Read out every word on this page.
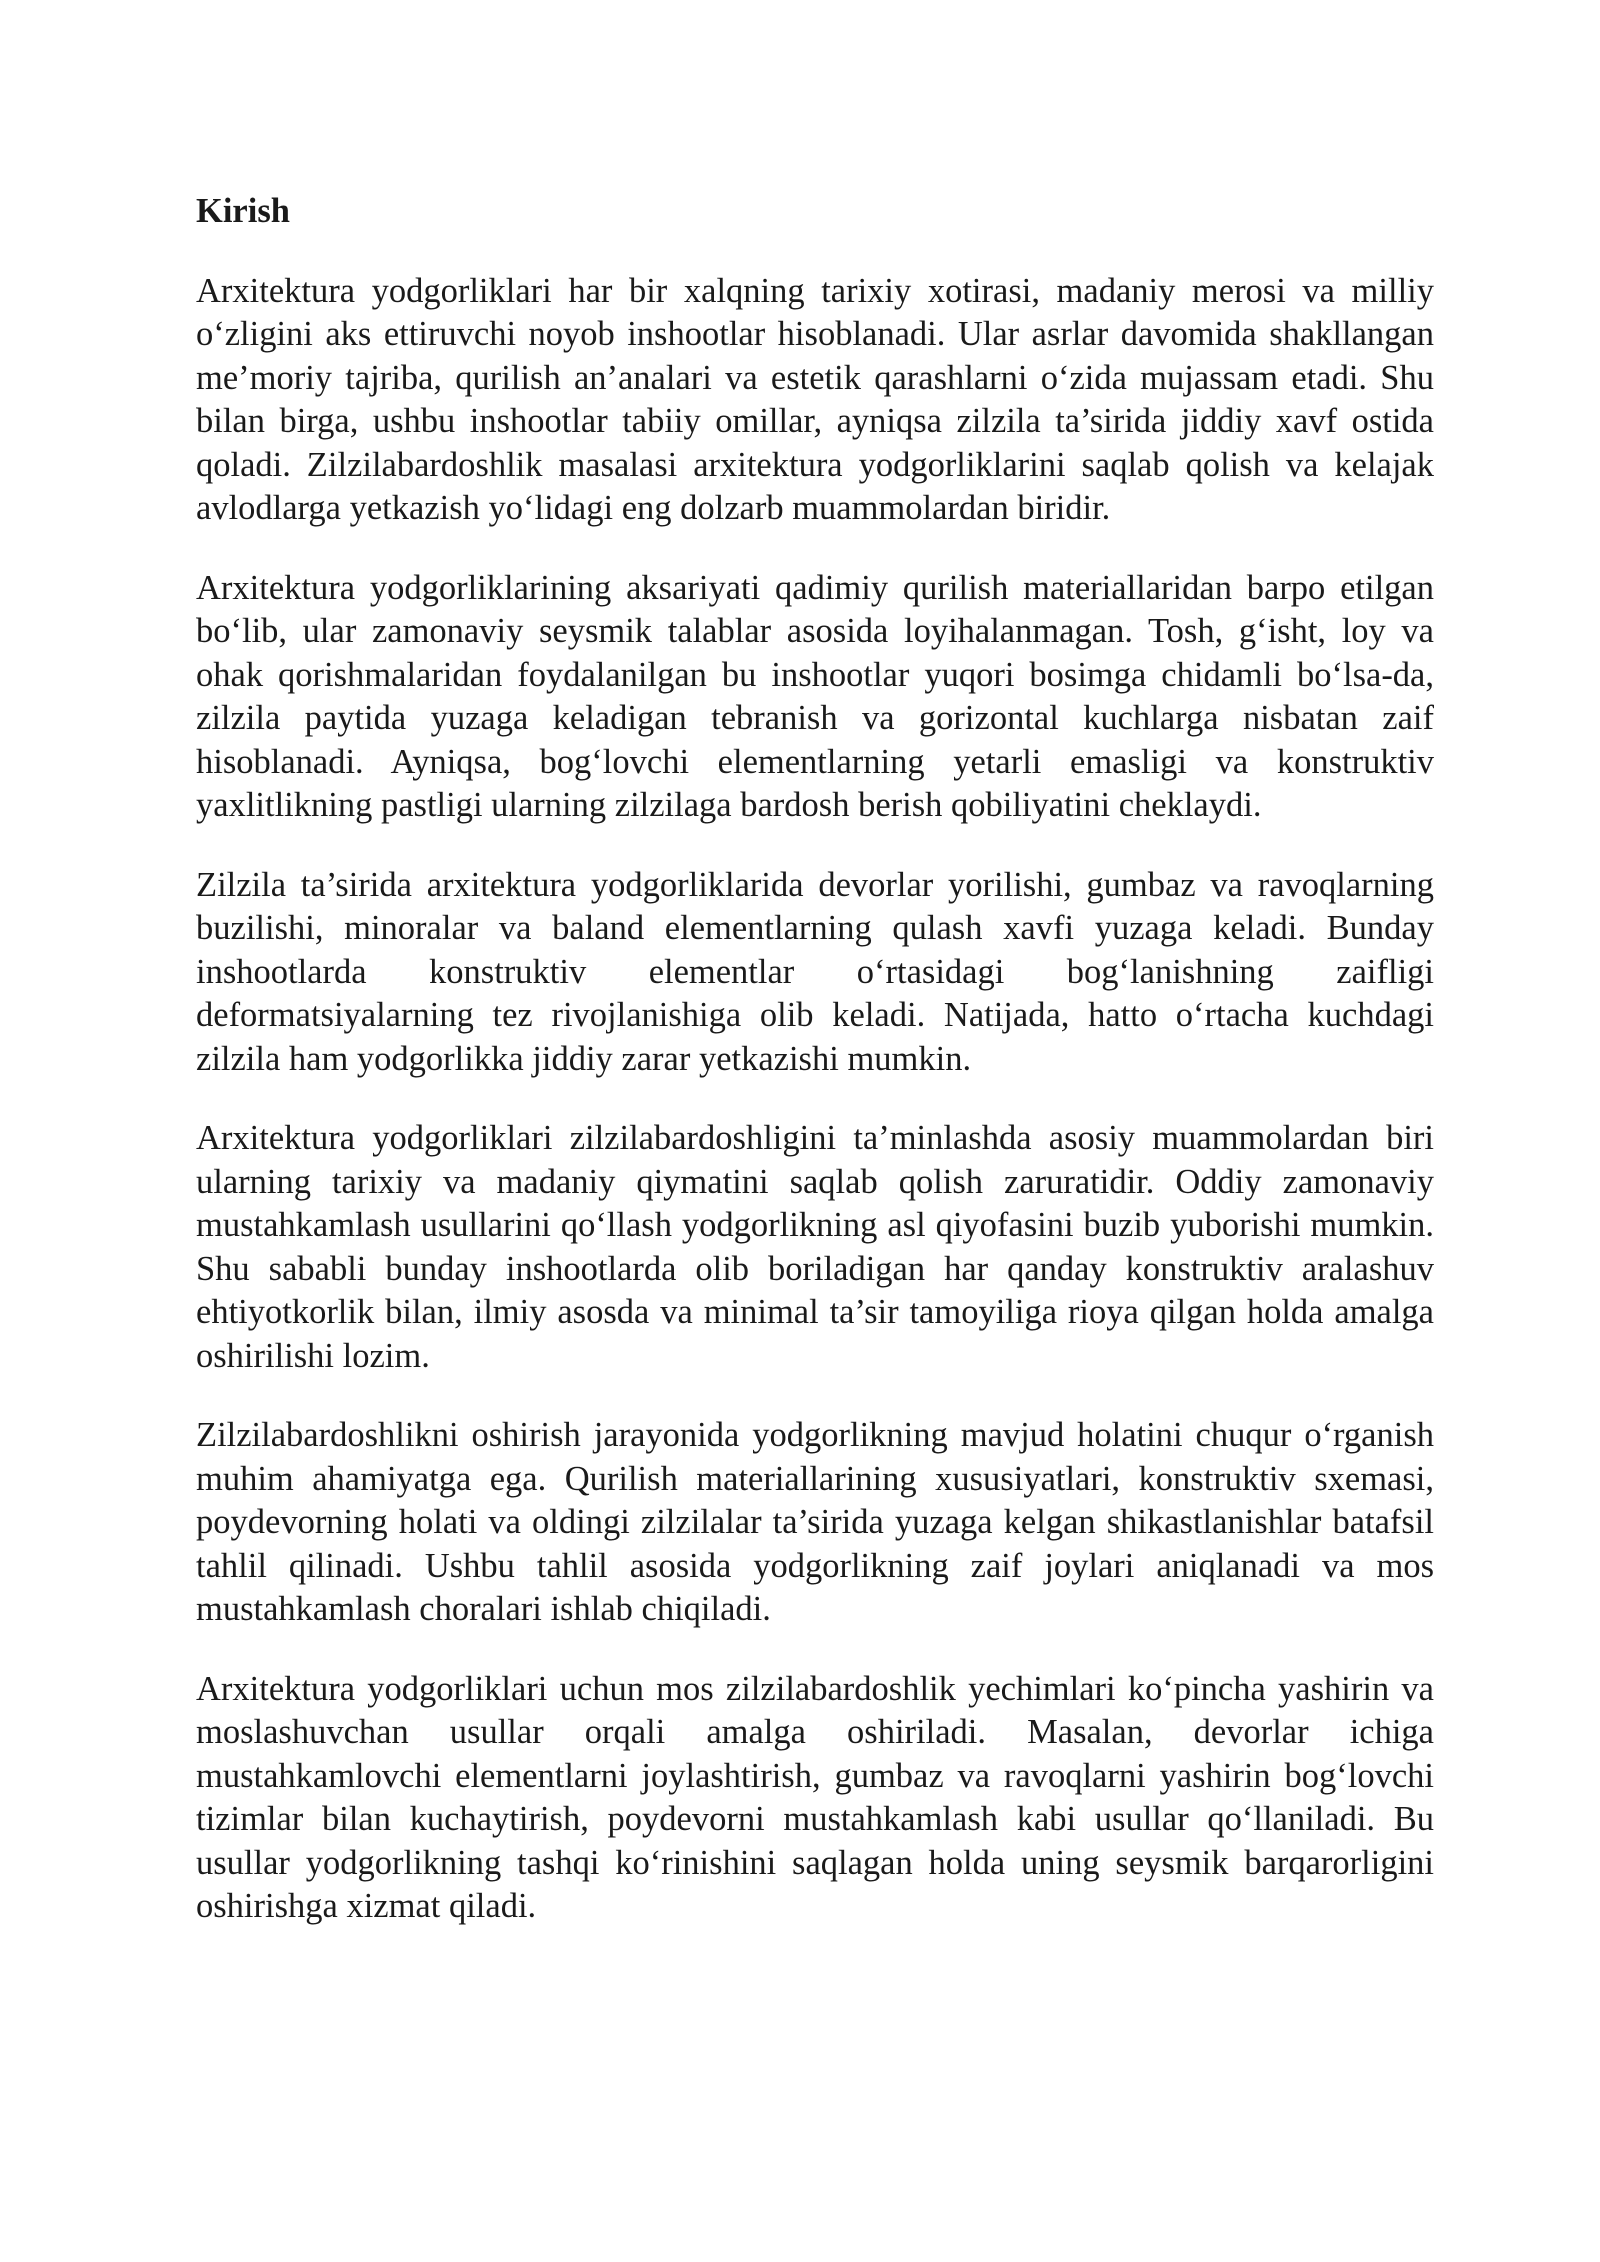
Kirish

Arxitektura yodgorliklari har bir xalqning tarixiy xotirasi, madaniy merosi va milliy o‘zligini aks ettiruvchi noyob inshootlar hisoblanadi. Ular asrlar davomida shakllangan me’moriy tajriba, qurilish an’analari va estetik qarashlarni o‘zida mujassam etadi. Shu bilan birga, ushbu inshootlar tabiiy omillar, ayniqsa zilzila ta’sirida jiddiy xavf ostida qoladi. Zilzilabardoshlik masalasi arxitektura yodgorliklarini saqlab qolish va kelajak avlodlarga yetkazish yo‘lidagi eng dolzarb muammolardan biridir.

Arxitektura yodgorliklarining aksariyati qadimiy qurilish materiallaridan barpo etilgan bo‘lib, ular zamonaviy seysmik talablar asosida loyihalanmagan. Tosh, g‘isht, loy va ohak qorishmalaridan foydalanilgan bu inshootlar yuqori bosimga chidamli bo‘lsa-da, zilzila paytida yuzaga keladigan tebranish va gorizontal kuchlarga nisbatan zaif hisoblanadi. Ayniqsa, bog‘lovchi elementlarning yetarli emasligi va konstruktiv yaxlitlikning pastligi ularning zilzilaga bardosh berish qobiliyatini cheklaydi.

Zilzila ta’sirida arxitektura yodgorliklarida devorlar yorilishi, gumbaz va ravoqlarning buzilishi, minoralar va baland elementlarning qulash xavfi yuzaga keladi. Bunday inshootlarda konstruktiv elementlar o‘rtasidagi bog‘lanishning zaifligi deformatsiyalarning tez rivojlanishiga olib keladi. Natijada, hatto o‘rtacha kuchdagi zilzila ham yodgorlikka jiddiy zarar yetkazishi mumkin.

Arxitektura yodgorliklari zilzilabardoshligini ta’minlashda asosiy muammolardan biri ularning tarixiy va madaniy qiymatini saqlab qolish zaruratidir. Oddiy zamonaviy mustahkamlash usullarini qo‘llash yodgorlikning asl qiyofasini buzib yuborishi mumkin. Shu sababli bunday inshootlarda olib boriladigan har qanday konstruktiv aralashuv ehtiyotkorlik bilan, ilmiy asosda va minimal ta’sir tamoyiliga rioya qilgan holda amalga oshirilishi lozim.

Zilzilabardoshlikni oshirish jarayonida yodgorlikning mavjud holatini chuqur o‘rganish muhim ahamiyatga ega. Qurilish materiallarining xususiyatlari, konstruktiv sxemasi, poydevorning holati va oldingi zilzilalar ta’sirida yuzaga kelgan shikastlanishlar batafsil tahlil qilinadi. Ushbu tahlil asosida yodgorlikning zaif joylari aniqlanadi va mos mustahkamlash choralari ishlab chiqiladi.

Arxitektura yodgorliklari uchun mos zilzilabardoshlik yechimlari ko‘pincha yashirin va moslashuvchan usullar orqali amalga oshiriladi. Masalan, devorlar ichiga mustahkamlovchi elementlarni joylashtirish, gumbaz va ravoqlarni yashirin bog‘lovchi tizimlar bilan kuchaytirish, poydevorni mustahkamlash kabi usullar qo‘llaniladi. Bu usullar yodgorlikning tashqi ko‘rinishini saqlagan holda uning seysmik barqarorligini oshirishga xizmat qiladi.
